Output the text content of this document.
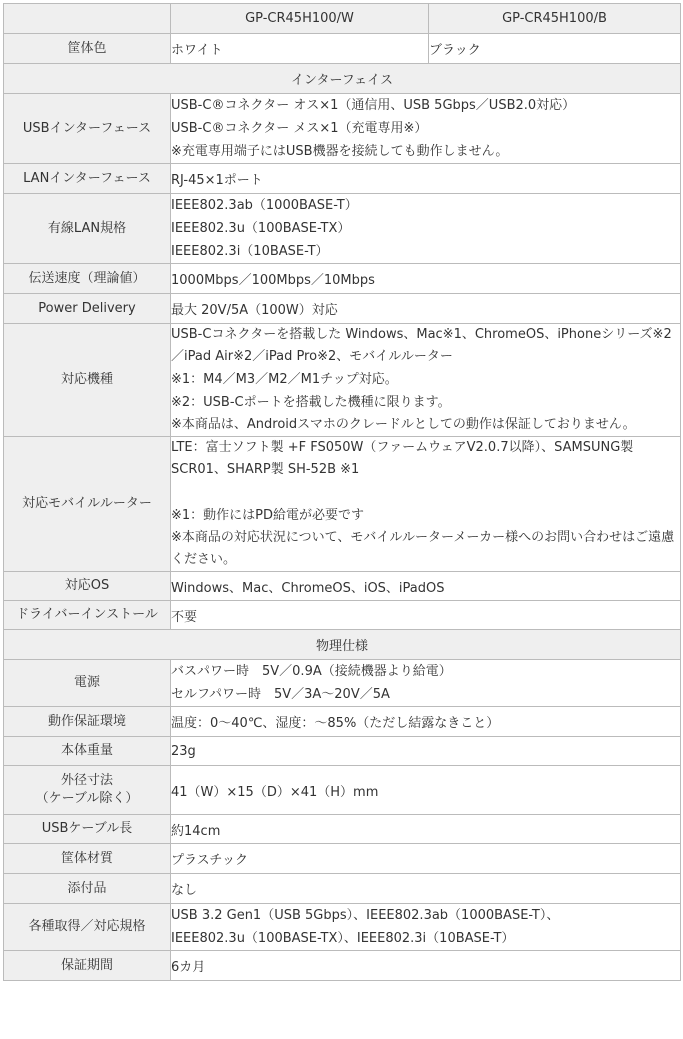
	GP-CR45H100/W	GP-CR45H100/B
筐体色	ホワイト	ブラック
インターフェイス		
USBインターフェース	USB-C®コネクター オス×1（通信用、USB 5Gbps／USB2.0対応）
USB-C®コネクター メス×1（充電専用※）
※充電専用端子にはUSB機器を接続しても動作しません。	

LANインターフェース	RJ-45×1ポート	
有線LAN規格	IEEE802.3ab（1000BASE-T）
IEEE802.3u（100BASE-TX）
IEEE802.3i（10BASE-T）	

伝送速度（理論値）	1000Mbps／100Mbps／10Mbps	
Power Delivery	最大 20V/5A（100W）対応	
対応機種	USB-Cコネクターを搭載した Windows、Mac※1、ChromeOS、iPhoneシリーズ※2／iPad Air※2／iPad Pro※2、モバイルルーター
※1：M4／M3／M2／M1チップ対応。
※2：USB-Cポートを搭載した機種に限ります。
※本商品は、Androidスマホのクレードルとしての動作は保証しておりません。	

対応モバイルルーター	LTE：富士ソフト製 +F FS050W（ファームウェアV2.0.7以降）、SAMSUNG製 SCR01、SHARP製 SH-52B ※1
※1：動作にはPD給電が必要です
※本商品の対応状況について、モバイルルーターメーカー様へのお問い合わせはご遠慮ください。	

対応OS	Windows、Mac、ChromeOS、iOS、iPadOS	
ドライバーインストール	不要	
物理仕様		
電源	バスパワー時　5V／0.9A（接続機器より給電）
セルフパワー時　5V／3A～20V／5A	

動作保証環境	温度：0～40℃、湿度：～85%（ただし結露なきこと）	
本体重量	23g	

外径寸法
（ケーブル除く）	41（W）×15（D）×41（H）mm	
USBケーブル長	約14cm	
筐体材質	プラスチック	
添付品	なし	
各種取得／対応規格	USB 3.2 Gen1（USB 5Gbps）、IEEE802.3ab（1000BASE-T）、
IEEE802.3u（100BASE-TX）、IEEE802.3i（10BASE-T）	

保証期間	6カ月	
